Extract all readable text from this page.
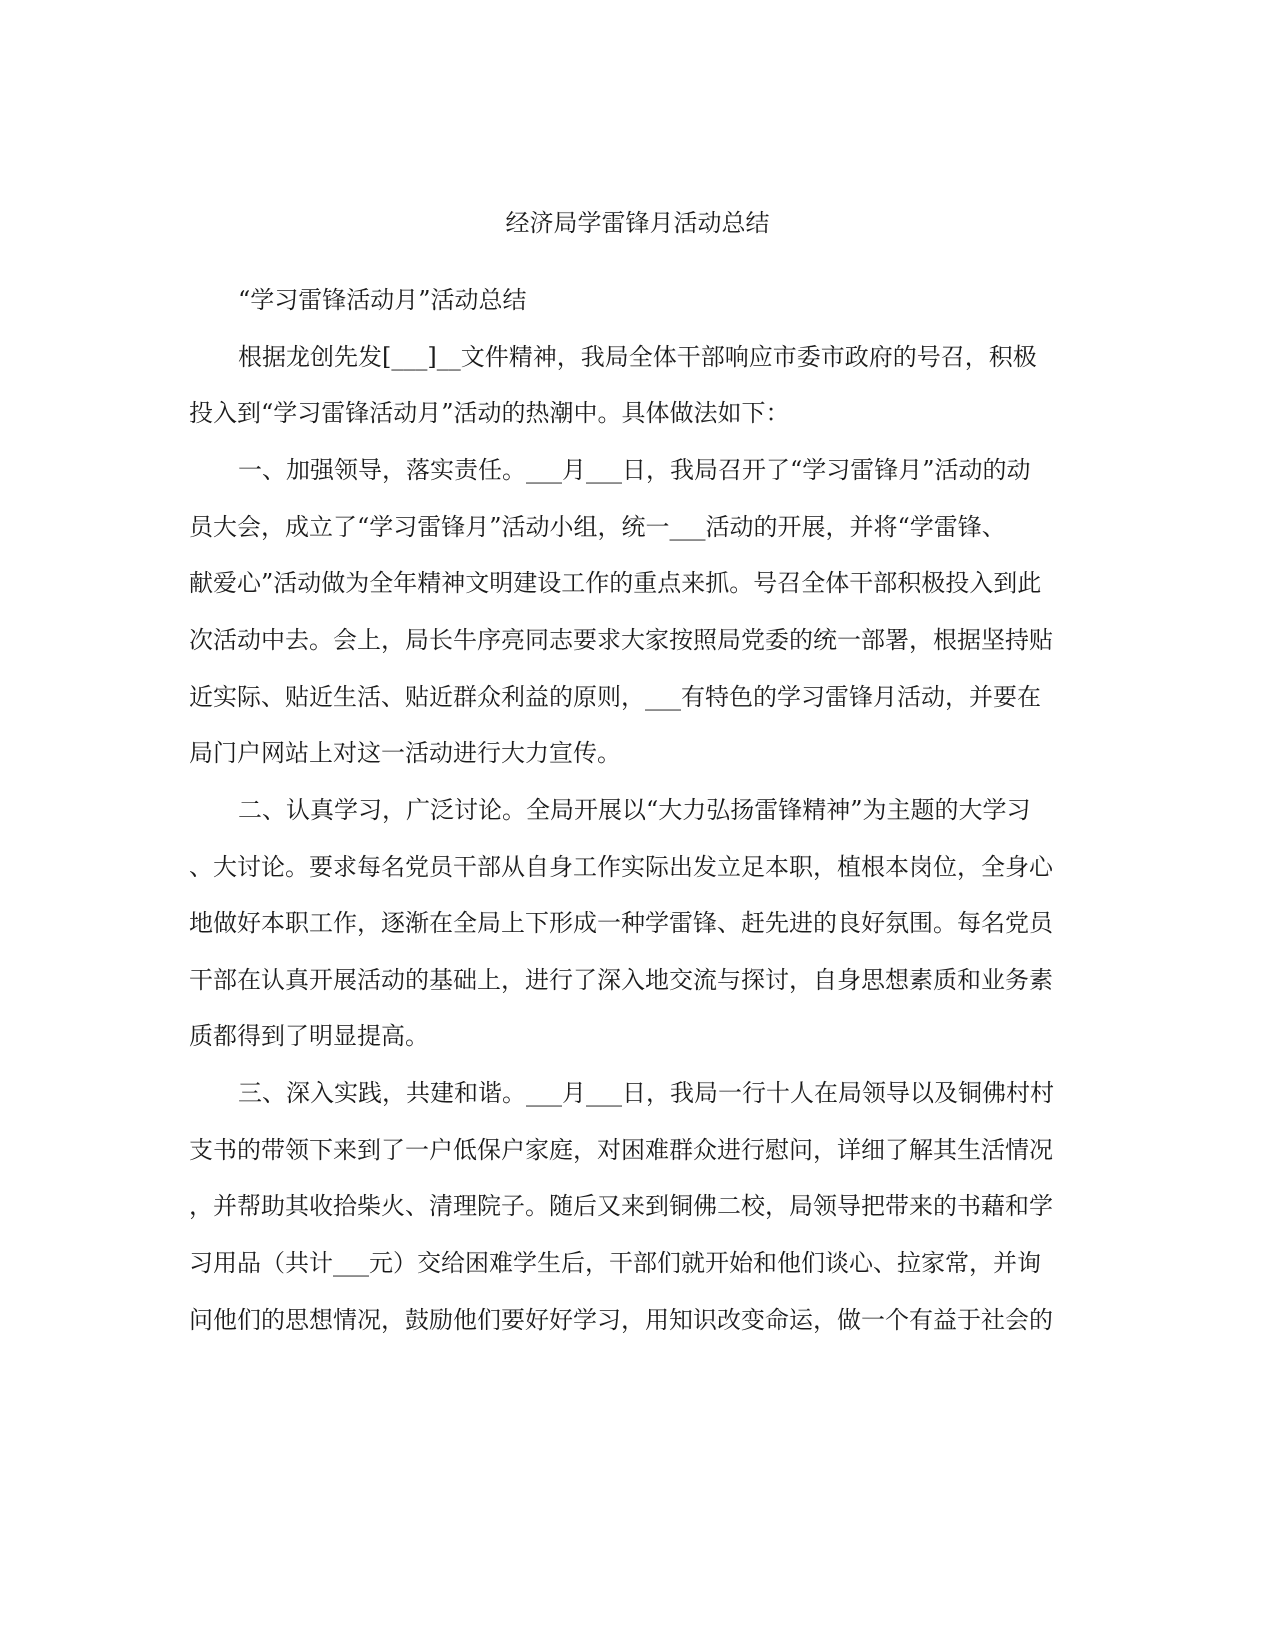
经济局学雷锋月活动总结
“学习雷锋活动月”活动总结
根据龙创先发[___]__文件精神，我局全体干部响应市委市政府的号召，积极
投入到“学习雷锋活动月”活动的热潮中。具体做法如下：
一、加强领导，落实责任。___月___日，我局召开了“学习雷锋月”活动的动
员大会，成立了“学习雷锋月”活动小组，统一___活动的开展，并将“学雷锋、
献爱心”活动做为全年精神文明建设工作的重点来抓。号召全体干部积极投入到此
次活动中去。会上，局长牛序亮同志要求大家按照局党委的统一部署，根据坚持贴
近实际、贴近生活、贴近群众利益的原则，___有特色的学习雷锋月活动，并要在
局门户网站上对这一活动进行大力宣传。
二、认真学习，广泛讨论。全局开展以“大力弘扬雷锋精神”为主题的大学习
、大讨论。要求每名党员干部从自身工作实际出发立足本职，植根本岗位，全身心
地做好本职工作，逐渐在全局上下形成一种学雷锋、赶先进的良好氛围。每名党员
干部在认真开展活动的基础上，进行了深入地交流与探讨，自身思想素质和业务素
质都得到了明显提高。
三、深入实践，共建和谐。___月___日，我局一行十人在局领导以及铜佛村村
支书的带领下来到了一户低保户家庭，对困难群众进行慰问，详细了解其生活情况
，并帮助其收拾柴火、清理院子。随后又来到铜佛二校，局领导把带来的书藉和学
习用品（共计___元）交给困难学生后，干部们就开始和他们谈心、拉家常，并询
问他们的思想情况，鼓励他们要好好学习，用知识改变命运，做一个有益于社会的
